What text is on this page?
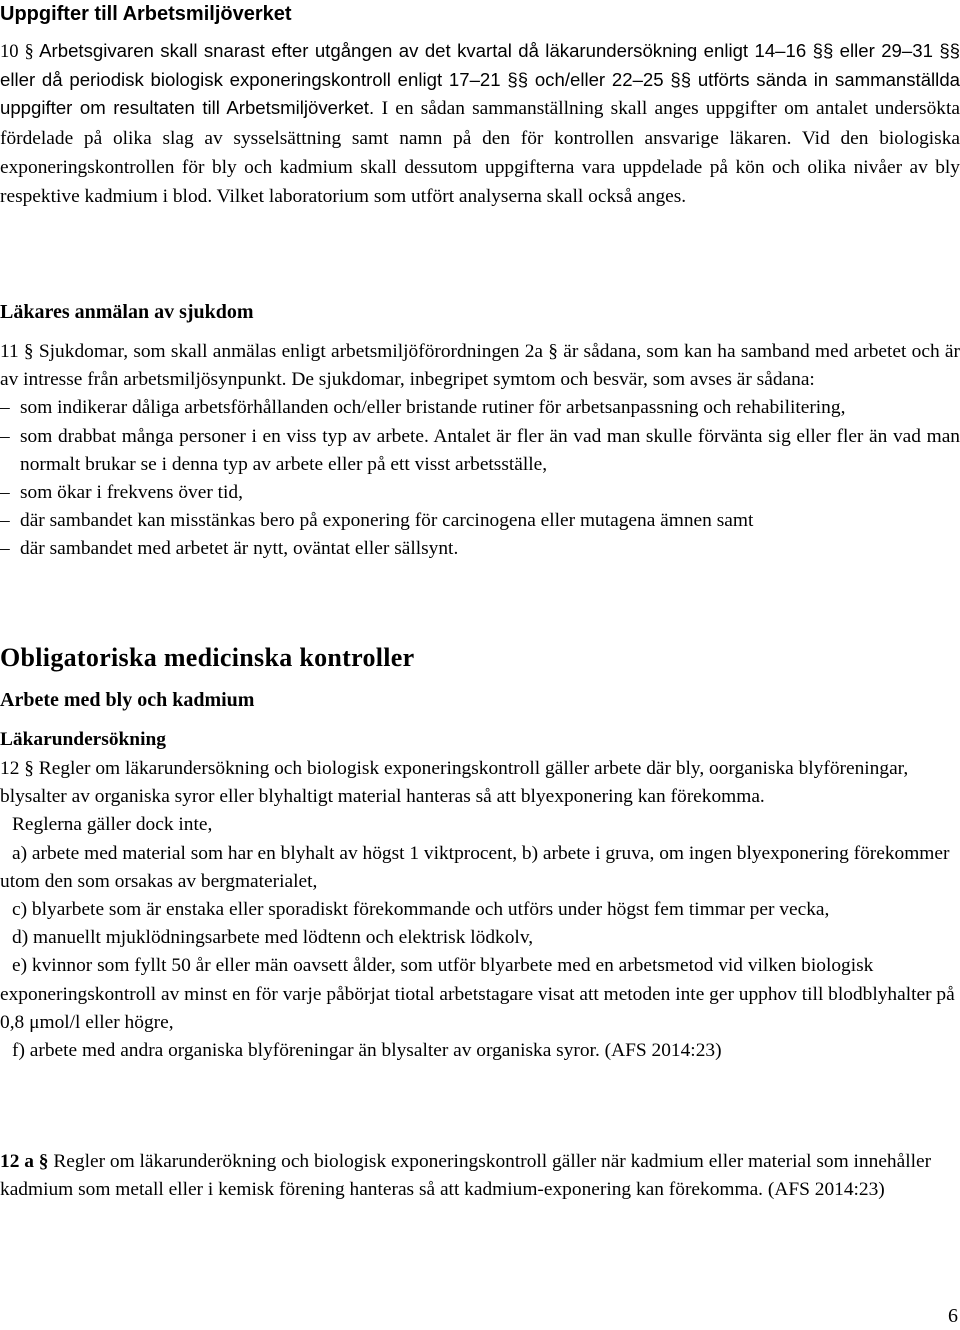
Uppgifter till Arbetsmiljöverket

10 § Arbetsgivaren skall snarast efter utgången av det kvartal då läkarundersökning enligt 14–16 §§ eller 29–31 §§ eller då periodisk biologisk exponeringskontroll enligt 17–21 §§ och/eller 22–25 §§ utförts sända in sammanställda uppgifter om resultaten till Arbetsmiljöverket. I en sådan sammanställning skall anges uppgifter om antalet undersökta fördelade på olika slag av sysselsättning samt namn på den för kontrollen ansvarige läkaren. Vid den biologiska exponeringskontrollen för bly och kadmium skall dessutom uppgifterna vara uppdelade på kön och olika nivåer av bly respektive kadmium i blod. Vilket laboratorium som utfört analyserna skall också anges.

Läkares anmälan av sjukdom

11 § Sjukdomar, som skall anmälas enligt arbetsmiljöförordningen 2a § är sådana, som kan ha samband med arbetet och är av intresse från arbetsmiljösynpunkt. De sjukdomar, inbegripet symtom och besvär, som avses är sådana:

– som indikerar dåliga arbetsförhållanden och/eller bristande rutiner för arbetsanpassning och rehabilitering,
– som drabbat många personer i en viss typ av arbete. Antalet är fler än vad man skulle förvänta sig eller fler än vad man normalt brukar se i denna typ av arbete eller på ett visst arbetsställe,
– som ökar i frekvens över tid,
– där sambandet kan misstänkas bero på exponering för carcinogena eller mutagena ämnen samt
– där sambandet med arbetet är nytt, oväntat eller sällsynt.

Obligatoriska medicinska kontroller

Arbete med bly och kadmium

Läkarundersökning

12 § Regler om läkarundersökning och biologisk exponeringskontroll gäller arbete där bly, oorganiska blyföreningar, blysalter av organiska syror eller blyhaltigt material hanteras så att blyexponering kan förekomma.

Reglerna gäller dock inte,

a) arbete med material som har en blyhalt av högst 1 viktprocent, b) arbete i gruva, om ingen blyexponering förekommer utom den som orsakas av bergmaterialet,

c) blyarbete som är enstaka eller sporadiskt förekommande och utförs under högst fem timmar per vecka,

d) manuellt mjuklödningsarbete med lödtenn och elektrisk lödkolv,

e) kvinnor som fyllt 50 år eller män oavsett ålder, som utför blyarbete med en arbetsmetod vid vilken biologisk exponeringskontroll av minst en för varje påbörjat tiotal arbetstagare visat att metoden inte ger upphov till blodblyhalter på 0,8 μmol/l eller högre,

f) arbete med andra organiska blyföreningar än blysalter av organiska syror. (AFS 2014:23)

12 a § Regler om läkarunderökning och biologisk exponeringskontroll gäller när kadmium eller material som innehåller kadmium som metall eller i kemisk förening hanteras så att kadmium-exponering kan förekomma. (AFS 2014:23)

6
